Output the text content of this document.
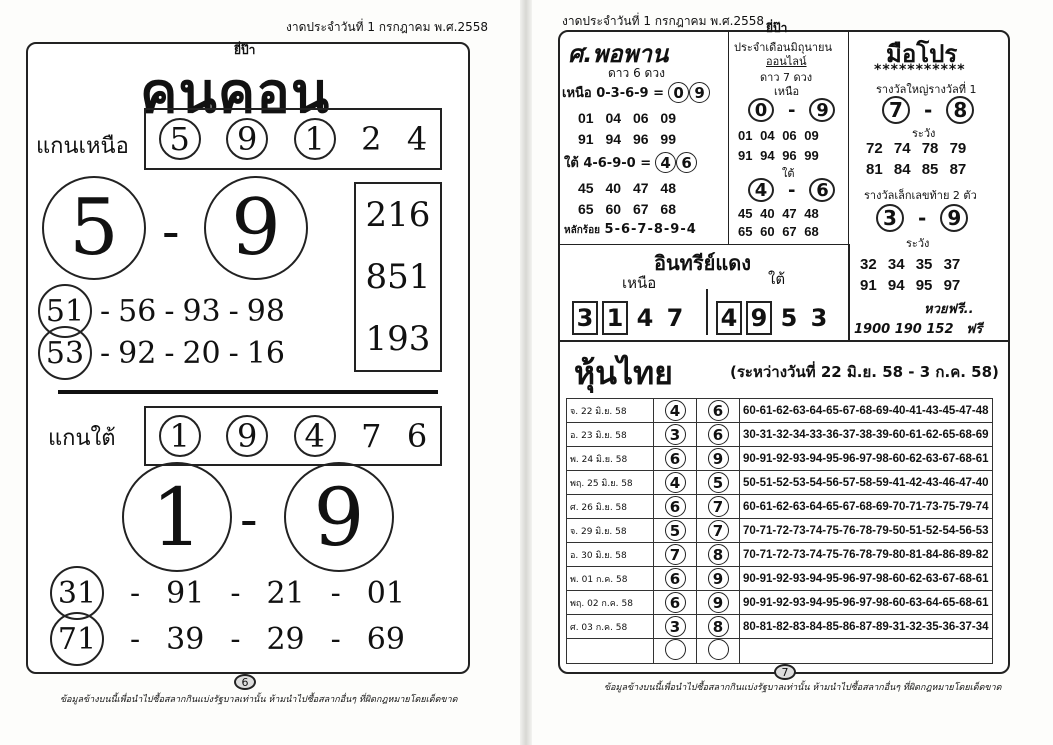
งาดประจำวันที่ 1 กรกฎาคม พ.ศ.2558
ยี่ป๊า
คนคอน
แกนเหนือ	5	9	1	2 4
5 - 9	216
851
193
51 - 56 - 93 - 98
53 - 92 - 20 - 16
แกนใต้	1	9	4	7 6
1 - 9
31 - 91 - 21 - 01
71 - 39 - 29 - 69
6
ข้อมูลข้างบนนี้เพื่อนำไปซื้อสลากกินแบ่งรัฐบาลเท่านั้น ห้ามนำไปซื้อสลากอื่นๆ ที่ผิดกฎหมายโดยเด็ดขาด
งาดประจำวันที่ 1 กรกฎาคม พ.ศ.2558 ยี่ป๊า
ศ.พอพาน
ดาว 6 ดวง
เหนือ 0-3-6-9 = 0 9
01 04 06 09
91 94 96 99
ใต้ 4-6-9-0 = 4 6
45 40 47 48
65 60 67 68
หลักร้อย 5-6-7-8-9-4
ประจำเดือนมิถุนายน
ออนไลน์
ดาว 7 ดวง
เหนือ
0	-	9
01 04 06 09
91 94 96 99
ใต้
4	-	6
45 40 47 48
65 60 67 68
มือโปร
***********
รางวัลใหญ่รางวัลที่ 1
7	-	8
ระวัง
72 74 78 79
81 84 85 87
รางวัลเล็กเลขท้าย 2 ตัว
3	-	9
ระวัง
32 34 35 37
91 94 95 97
หวยฟรี..
1900 190 152 ฟรี
อินทรีย์แดง
เหนือ	ใต้
3 1 4 7 4 9 5 3
หุ้นไทย	(ระหว่างวันที่ 22 มิ.ย. 58 - 3 ก.ค. 58)
จ. 22 มิ.ย. 58	4	6	60-61-62-63-64-65-67-68-69-40-41-43-45-47-48
อ. 23 มิ.ย. 58	3	6	30-31-32-34-33-36-37-38-39-60-61-62-65-68-69
พ. 24 มิ.ย. 58	6	9	90-91-92-93-94-95-96-97-98-60-62-63-67-68-61
พฤ. 25 มิ.ย. 58	4	5	50-51-52-53-54-56-57-58-59-41-42-43-46-47-40
ศ. 26 มิ.ย. 58	6	7	60-61-62-63-64-65-67-68-69-70-71-73-75-79-74
จ. 29 มิ.ย. 58	5	7	70-71-72-73-74-75-76-78-79-50-51-52-54-56-53
อ. 30 มิ.ย. 58	7	8	70-71-72-73-74-75-76-78-79-80-81-84-86-89-82
พ. 01 ก.ค. 58	6	9	90-91-92-93-94-95-96-97-98-60-62-63-67-68-61
พฤ. 02 ก.ค. 58	6	9	90-91-92-93-94-95-96-97-98-60-63-64-65-68-61
ศ. 03 ก.ค. 58	3	8	80-81-82-83-84-85-86-87-89-31-32-35-36-37-34

7
ข้อมูลข้างบนนี้เพื่อนำไปซื้อสลากกินแบ่งรัฐบาลเท่านั้น ห้ามนำไปซื้อสลากอื่นๆ ที่ผิดกฎหมายโดยเด็ดขาด
